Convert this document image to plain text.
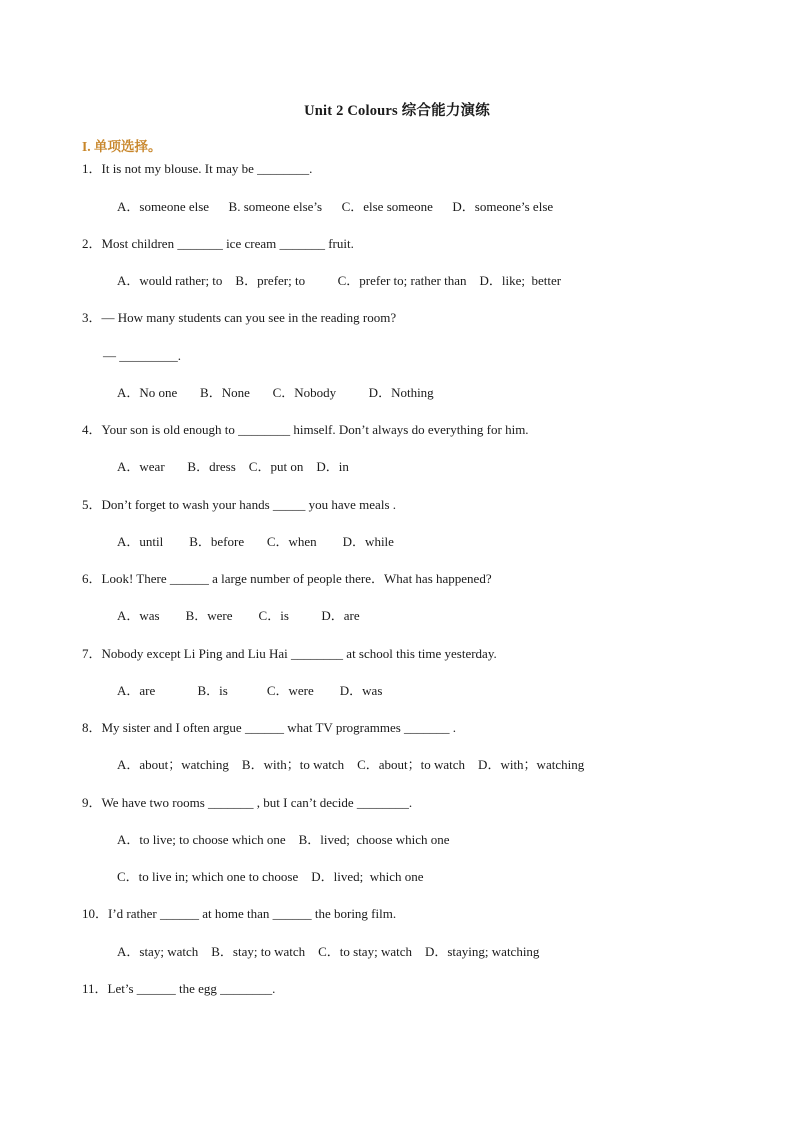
Unit 2 Colours 综合能力演练
I. 单项选择。
1．It is not my blouse. It may be ________.
A．someone else      B. someone else’s      C．else someone      D．someone’s else
2．Most children _______ ice cream _______ fruit.
A．would rather; to    B．prefer; to          C．prefer to; rather than    D．like;  better
3．— How many students can you see in the reading room?
— _________.
A．No one       B．None       C．Nobody          D．Nothing
4．Your son is old enough to ________ himself. Don’t always do everything for him.
A．wear       B．dress    C．put on    D．in
5．Don’t forget to wash your hands _____ you have meals .
A．until        B．before       C．when        D．while
6．Look! There ______ a large number of people there．What has happened?
A．was        B．were        C．is          D．are
7．Nobody except Li Ping and Liu Hai ________ at school this time yesterday.
A．are             B．is            C．were        D．was
8．My sister and I often argue ______ what TV programmes _______ .
A．about；watching    B．with；to watch    C．about；to watch    D．with；watching
9．We have two rooms _______ , but I can’t decide ________.
A．to live; to choose which one    B．lived;  choose which one
C．to live in; which one to choose    D．lived;  which one
10．I’d rather ______ at home than ______ the boring film.
A．stay; watch    B．stay; to watch    C．to stay; watch    D．staying; watching
11．Let’s ______ the egg ________.
